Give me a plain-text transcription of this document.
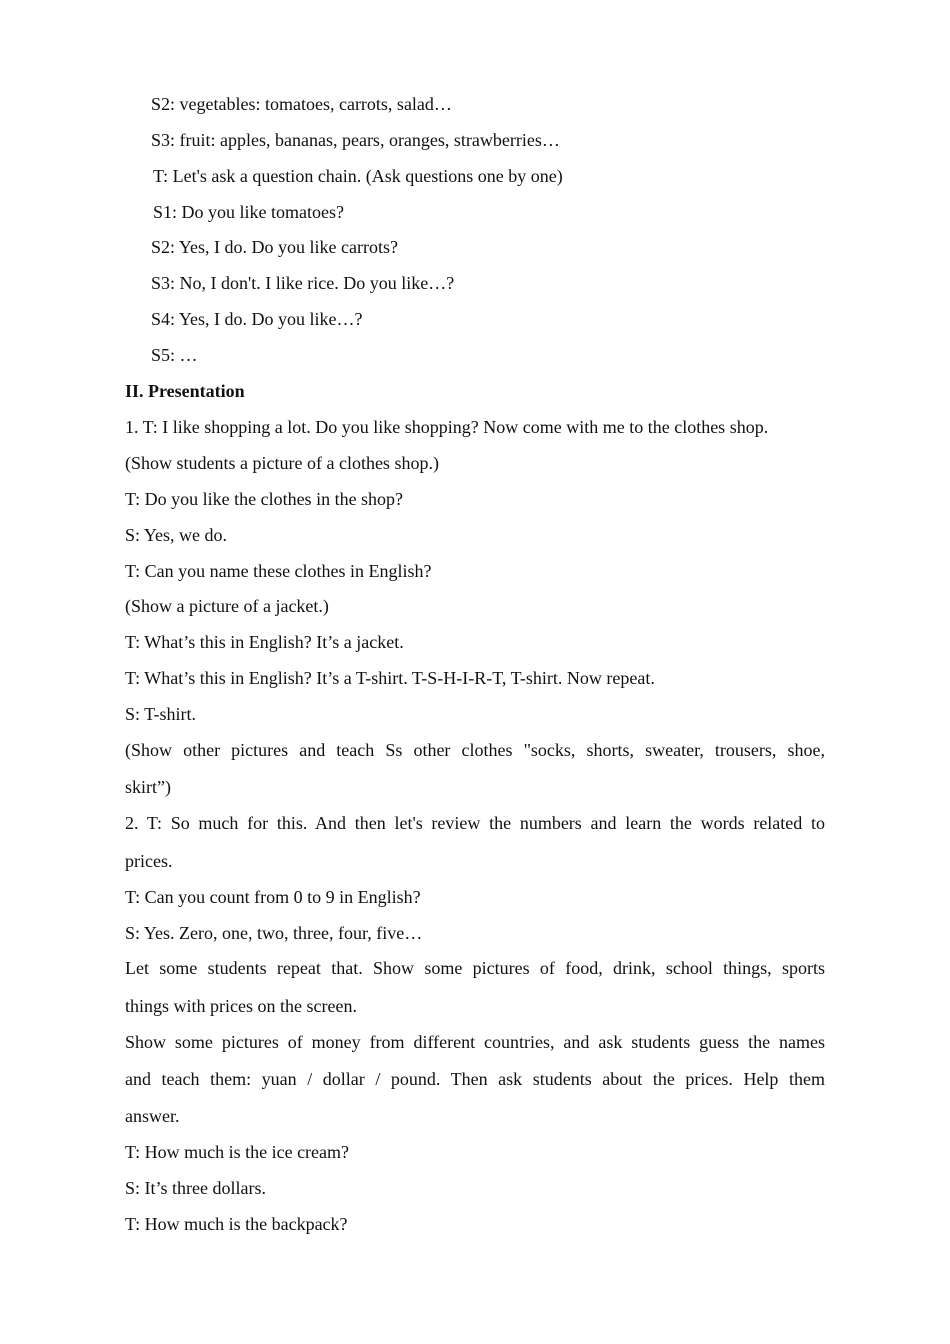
S2: vegetables: tomatoes, carrots, salad…
S3: fruit: apples, bananas, pears, oranges, strawberries…
T: Let's ask a question chain. (Ask questions one by one)
S1: Do you like tomatoes?
S2: Yes, I do. Do you like carrots?
S3: No, I don't. I like rice. Do you like…?
S4: Yes, I do. Do you like…?
S5: …
II. Presentation
1. T: I like shopping a lot. Do you like shopping? Now come with me to the clothes shop.
(Show students a picture of a clothes shop.)
T: Do you like the clothes in the shop?
S: Yes, we do.
T: Can you name these clothes in English?
(Show a picture of a jacket.)
T: What’s this in English? It’s a jacket.
T: What’s this in English? It’s a T-shirt. T-S-H-I-R-T, T-shirt. Now repeat.
S: T-shirt.
(Show other pictures and teach Ss other clothes "socks, shorts, sweater, trousers, shoe,
skirt”)
2. T: So much for this. And then let's review the numbers and learn the words related to
prices.
T: Can you count from 0 to 9 in English?
S: Yes. Zero, one, two, three, four, five…
Let some students repeat that. Show some pictures of food, drink, school things, sports
things with prices on the screen.
Show some pictures of money from different countries, and ask students guess the names
and teach them: yuan / dollar / pound. Then ask students about the prices. Help them
answer.
T: How much is the ice cream?
S: It’s three dollars.
T: How much is the backpack?
